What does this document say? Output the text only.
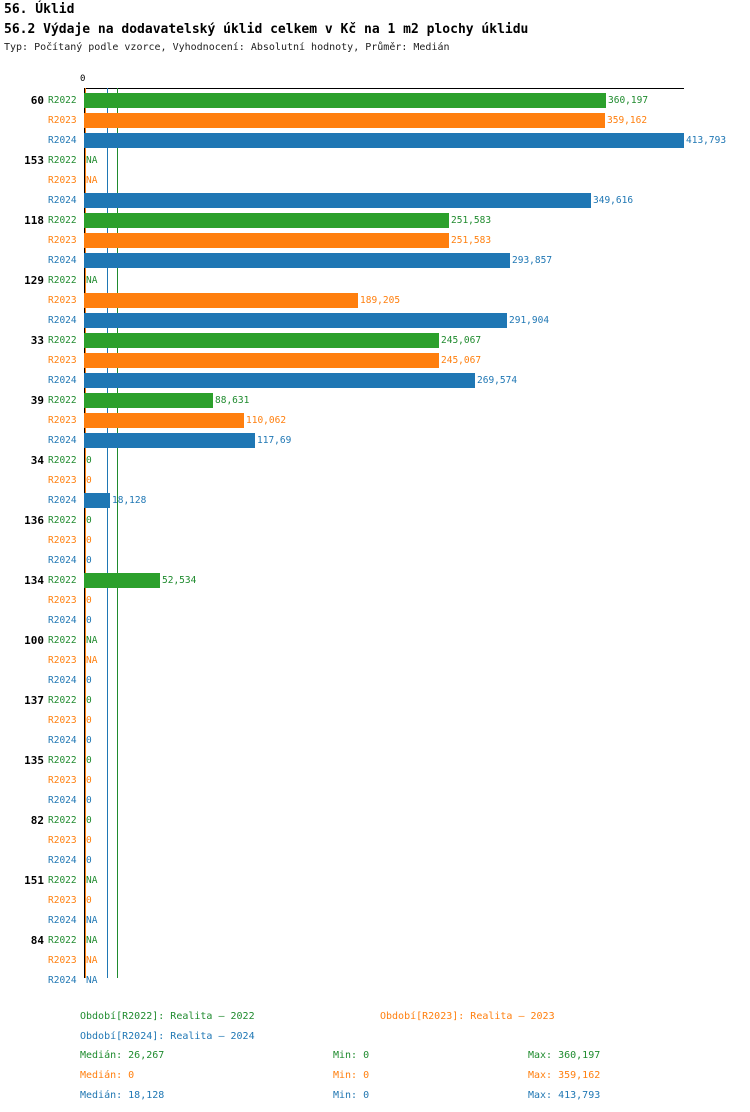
56. Úklid
56.2 Výdaje na dodavatelský úklid celkem v Kč na 1 m2 plochy úklidu
Typ: Počítaný podle vzorce, Vyhodnocení: Absolutní hodnoty, Průměr: Medián
0
60 R2022	360,197
R2023	359,162
R2024	413,793
153 R2022 NA
R2023 NA
R2024	349,616
118 R2022	251,583
R2023	251,583
R2024	293,857
129 R2022 NA
R2023	189,205
R2024	291,904
33 R2022	245,067
R2023	245,067
R2024	269,574
39 R2022	88,631
R2023	110,062
R2024	117,69
34 R2022 0
R2023 0
R2024	18,128
136 R2022 0
R2023 0
R2024 0
134 R2022	52,534
R2023 0
R2024 0
100 R2022 NA
R2023 NA
R2024 0
137 R2022 0
R2023 0
R2024 0
135 R2022 0
R2023 0
R2024 0
82 R2022 0
R2023 0
R2024 0
151 R2022 NA
R2023 0
R2024 NA
84 R2022 NA
R2023 NA
R2024 NA
Období[R2022]: Realita – 2022	Období[R2023]: Realita – 2023
Období[R2024]: Realita – 2024
Medián: 26,267	Min: 0	Max: 360,197
Medián: 0	Min: 0	Max: 359,162
Medián: 18,128	Min: 0	Max: 413,793
